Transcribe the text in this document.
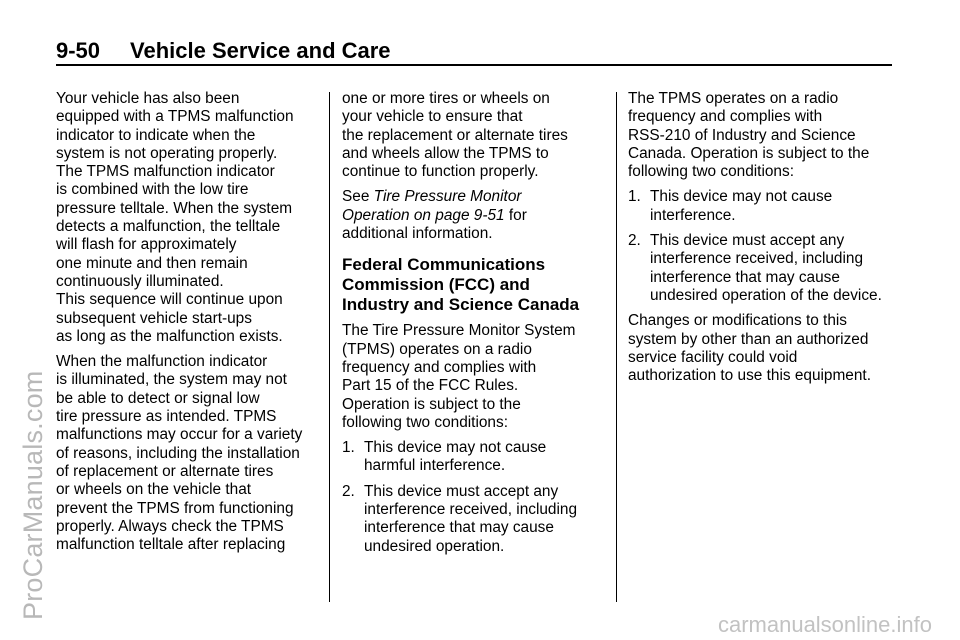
9-50 Vehicle Service and Care
Your vehicle has also been
equipped with a TPMS malfunction
indicator to indicate when the
system is not operating properly.
The TPMS malfunction indicator
is combined with the low tire
pressure telltale. When the system
detects a malfunction, the telltale
will flash for approximately
one minute and then remain
continuously illuminated.
This sequence will continue upon
subsequent vehicle start-ups
as long as the malfunction exists.
When the malfunction indicator
is illuminated, the system may not
be able to detect or signal low
tire pressure as intended. TPMS
malfunctions may occur for a variety
of reasons, including the installation
of replacement or alternate tires
or wheels on the vehicle that
prevent the TPMS from functioning
properly. Always check the TPMS
malfunction telltale after replacing
one or more tires or wheels on
your vehicle to ensure that
the replacement or alternate tires
and wheels allow the TPMS to
continue to function properly.
See Tire Pressure Monitor
Operation on page 9-51 for
additional information.
Federal Communications
Commission (FCC) and
Industry and Science Canada
The Tire Pressure Monitor System
(TPMS) operates on a radio
frequency and complies with
Part 15 of the FCC Rules.
Operation is subject to the
following two conditions:
1. This device may not cause
harmful interference.
2. This device must accept any
interference received, including
interference that may cause
undesired operation.
The TPMS operates on a radio
frequency and complies with
RSS-210 of Industry and Science
Canada. Operation is subject to the
following two conditions:
1. This device may not cause
interference.
2. This device must accept any
interference received, including
interference that may cause
undesired operation of the device.
Changes or modifications to this
system by other than an authorized
service facility could void
authorization to use this equipment.
ProCarManuals.com
carmanualsonline.info
